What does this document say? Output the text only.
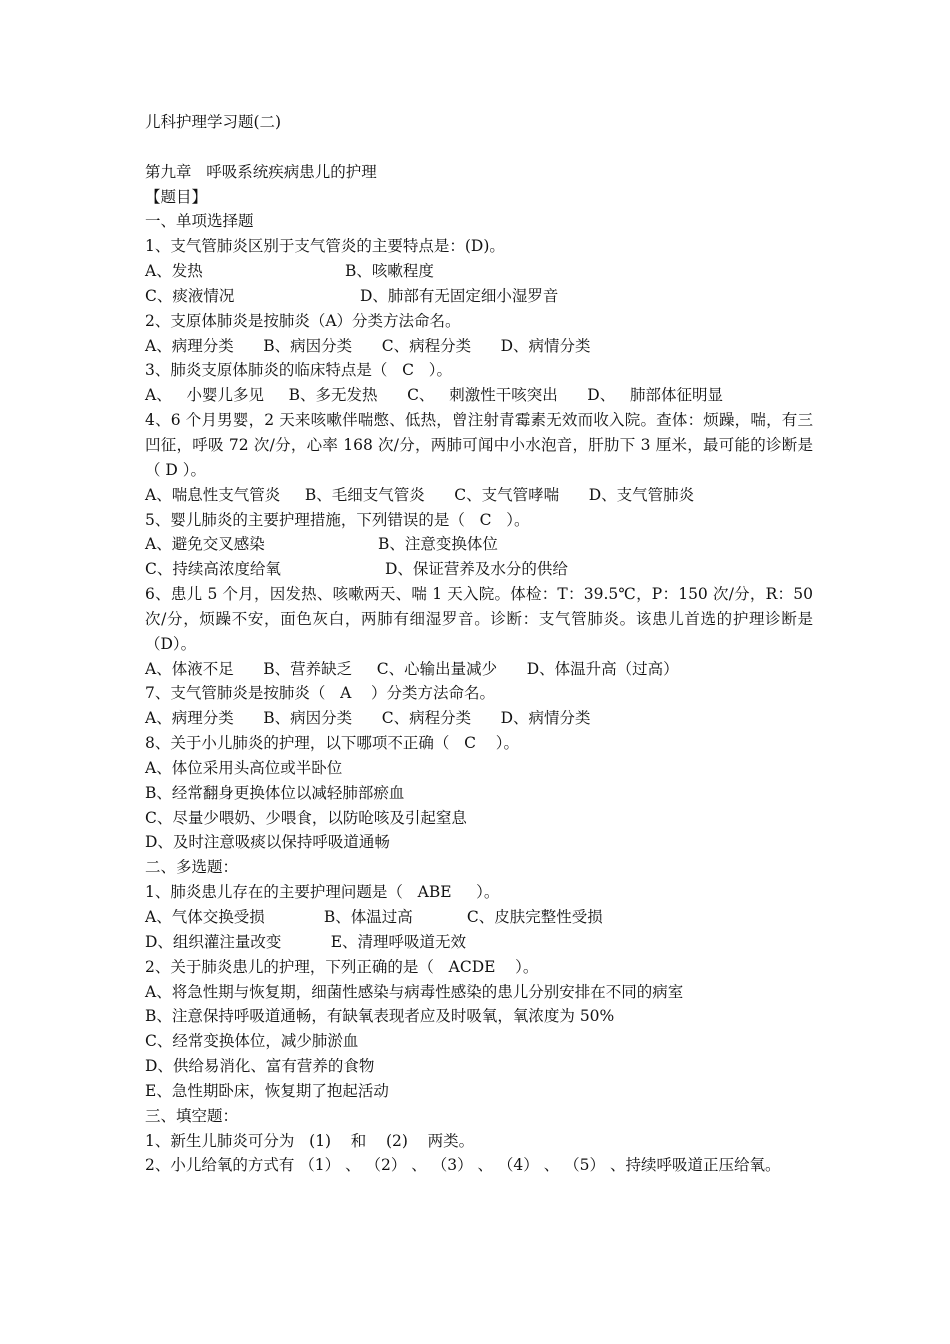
儿科护理学习题(二)
第九章   呼吸系统疾病患儿的护理
【题目】
一、单项选择题
1、支气管肺炎区别于支气管炎的主要特点是：(D)。

A、发热

	B、咳嗽程度

C、痰液情况

	D、肺部有无固定细小湿罗音

2、支原体肺炎是按肺炎（A）分类方法命名。
A、病理分类      B、病因分类      C、病程分类      D、病情分类
3、肺炎支原体肺炎的临床特点是（   C   ）。
A、   小婴儿多见     B、多无发热      C、   刺激性干咳突出      D、   肺部体征明显
4、6 个月男婴，2 天来咳嗽伴喘憋、低热，曾注射青霉素无效而收入院。查体：烦躁，喘，有三凹征，呼吸 72 次/分，心率 168 次/分，两肺可闻中小水泡音，肝肋下 3 厘米，最可能的诊断是（ D ）。
A、喘息性支气管炎     B、毛细支气管炎      C、支气管哮喘      D、支气管肺炎
5、婴儿肺炎的主要护理措施，下列错误的是（   C   ）。

A、避免交叉感染

	B、注意变换体位

C、持续高浓度给氧

	D、保证营养及水分的供给

6、患儿 5 个月，因发热、咳嗽两天、喘 1 天入院。体检：T：39.5℃，P：150 次/分，R：50 次/分，烦躁不安，面色灰白，两肺有细湿罗音。诊断：支气管肺炎。该患儿首选的护理诊断是（D）。
A、体液不足      B、营养缺乏     C、心输出量减少      D、体温升高（过高）
7、支气管肺炎是按肺炎（   A    ）分类方法命名。
A、病理分类      B、病因分类      C、病程分类      D、病情分类
8、关于小儿肺炎的护理，以下哪项不正确（   C    ）。
A、体位采用头高位或半卧位
B、经常翻身更换体位以减轻肺部瘀血
C、尽量少喂奶、少喂食，以防呛咳及引起窒息
D、及时注意吸痰以保持呼吸道通畅
二、多选题：
1、肺炎患儿存在的主要护理问题是（   ABE     ）。
A、气体交换受损            B、体温过高           C、皮肤完整性受损
D、组织灌注量改变          E、清理呼吸道无效
2、关于肺炎患儿的护理，下列正确的是（   ACDE    ）。
A、将急性期与恢复期，细菌性感染与病毒性感染的患儿分别安排在不同的病室
B、注意保持呼吸道通畅，有缺氧表现者应及时吸氧，氧浓度为 50%
C、经常变换体位，减少肺淤血
D、供给易消化、富有营养的食物
E、急性期卧床，恢复期了抱起活动
三、填空题：
1、新生儿肺炎可分为   (1)    和    (2)    两类。
2、小儿给氧的方式有 （1） 、 （2） 、 （3） 、 （4） 、 （5） 、持续呼吸道正压给氧。
